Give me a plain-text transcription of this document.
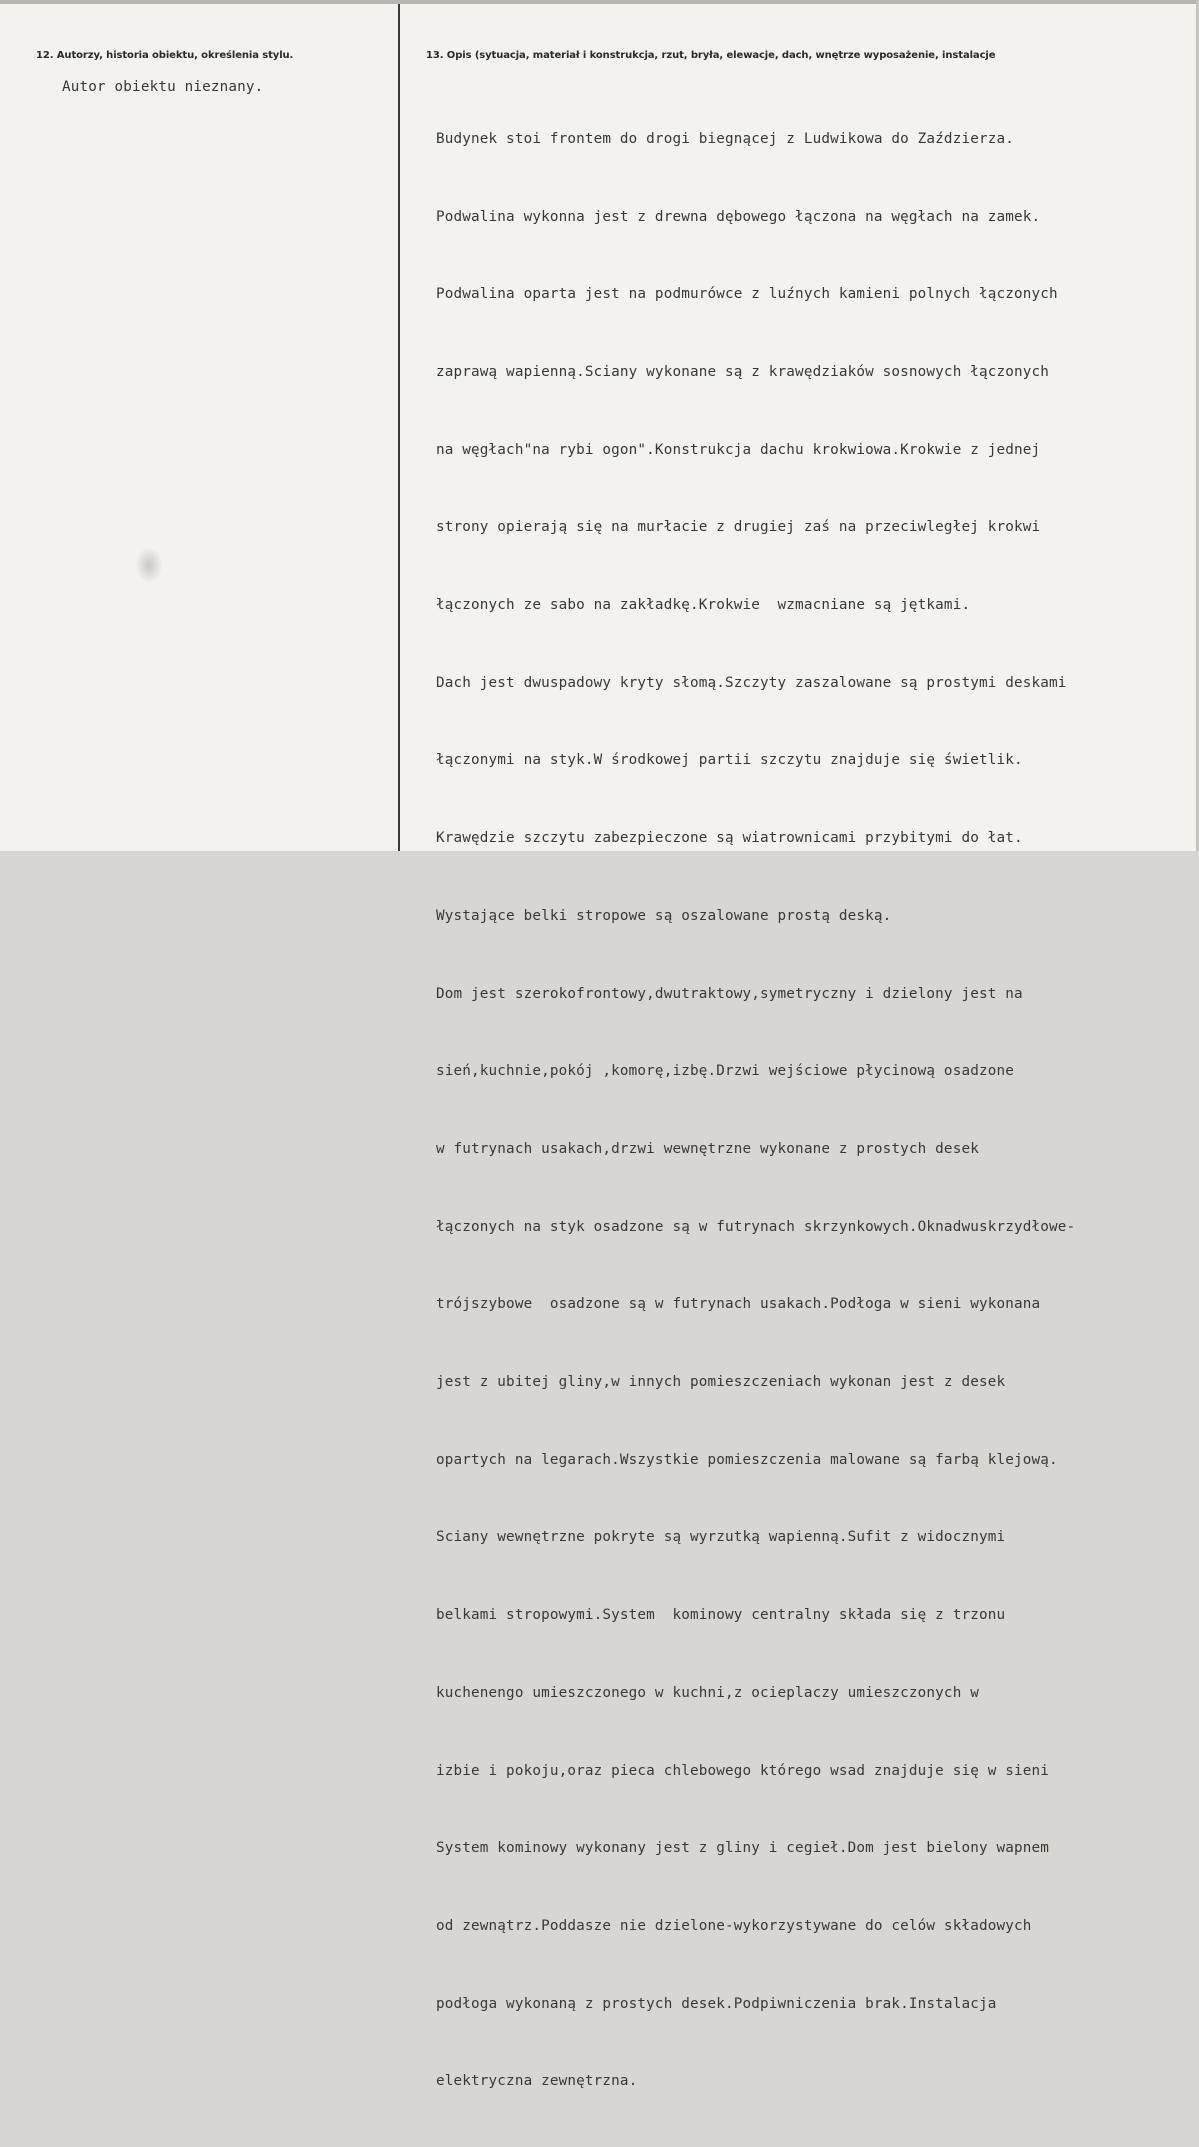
12. Autorzy, historia obiektu, określenia stylu.
Autor obiektu nieznany.
13. Opis (sytuacja, materiał i konstrukcja, rzut, bryła, elewacje, dach, wnętrze wyposażenie, instalacje

Budynek stoi frontem do drogi biegnącej z Ludwikowa do Zaździerza.

Podwalina wykonna jest z drewna dębowego łączona na węgłach na zamek.

Podwalina oparta jest na podmurówce z luźnych kamieni polnych łączonych

zaprawą wapienną.Sciany wykonane są z krawędziaków sosnowych łączonych

na węgłach"na rybi ogon".Konstrukcja dachu krokwiowa.Krokwie z jednej

strony opierają się na murłacie z drugiej zaś na przeciwległej krokwi

łączonych ze sabo na zakładkę.Krokwie  wzmacniane są jętkami.

Dach jest dwuspadowy kryty słomą.Szczyty zaszalowane są prostymi deskami

łączonymi na styk.W środkowej partii szczytu znajduje się świetlik.

Krawędzie szczytu zabezpieczone są wiatrownicami przybitymi do łat.

Wystające belki stropowe są oszalowane prostą deską.

Dom jest szerokofrontowy,dwutraktowy,symetryczny i dzielony jest na

sień,kuchnie,pokój ,komorę,izbę.Drzwi wejściowe płycinową osadzone

w futrynach usakach,drzwi wewnętrzne wykonane z prostych desek

łączonych na styk osadzone są w futrynach skrzynkowych.Oknadwuskrzydłowe-

trójszybowe  osadzone są w futrynach usakach.Podłoga w sieni wykonana

jest z ubitej gliny,w innych pomieszczeniach wykonan jest z desek

opartych na legarach.Wszystkie pomieszczenia malowane są farbą klejową.

Sciany wewnętrzne pokryte są wyrzutką wapienną.Sufit z widocznymi

belkami stropowymi.System  kominowy centralny składa się z trzonu

kuchenengo umieszczonego w kuchni,z ocieplaczy umieszczonych w

izbie i pokoju,oraz pieca chlebowego którego wsad znajduje się w sieni

System kominowy wykonany jest z gliny i cegieł.Dom jest bielony wapnem

od zewnątrz.Poddasze nie dzielone-wykorzystywane do celów składowych

podłoga wykonaną z prostych desek.Podpiwniczenia brak.Instalacja

elektryczna zewnętrzna.
